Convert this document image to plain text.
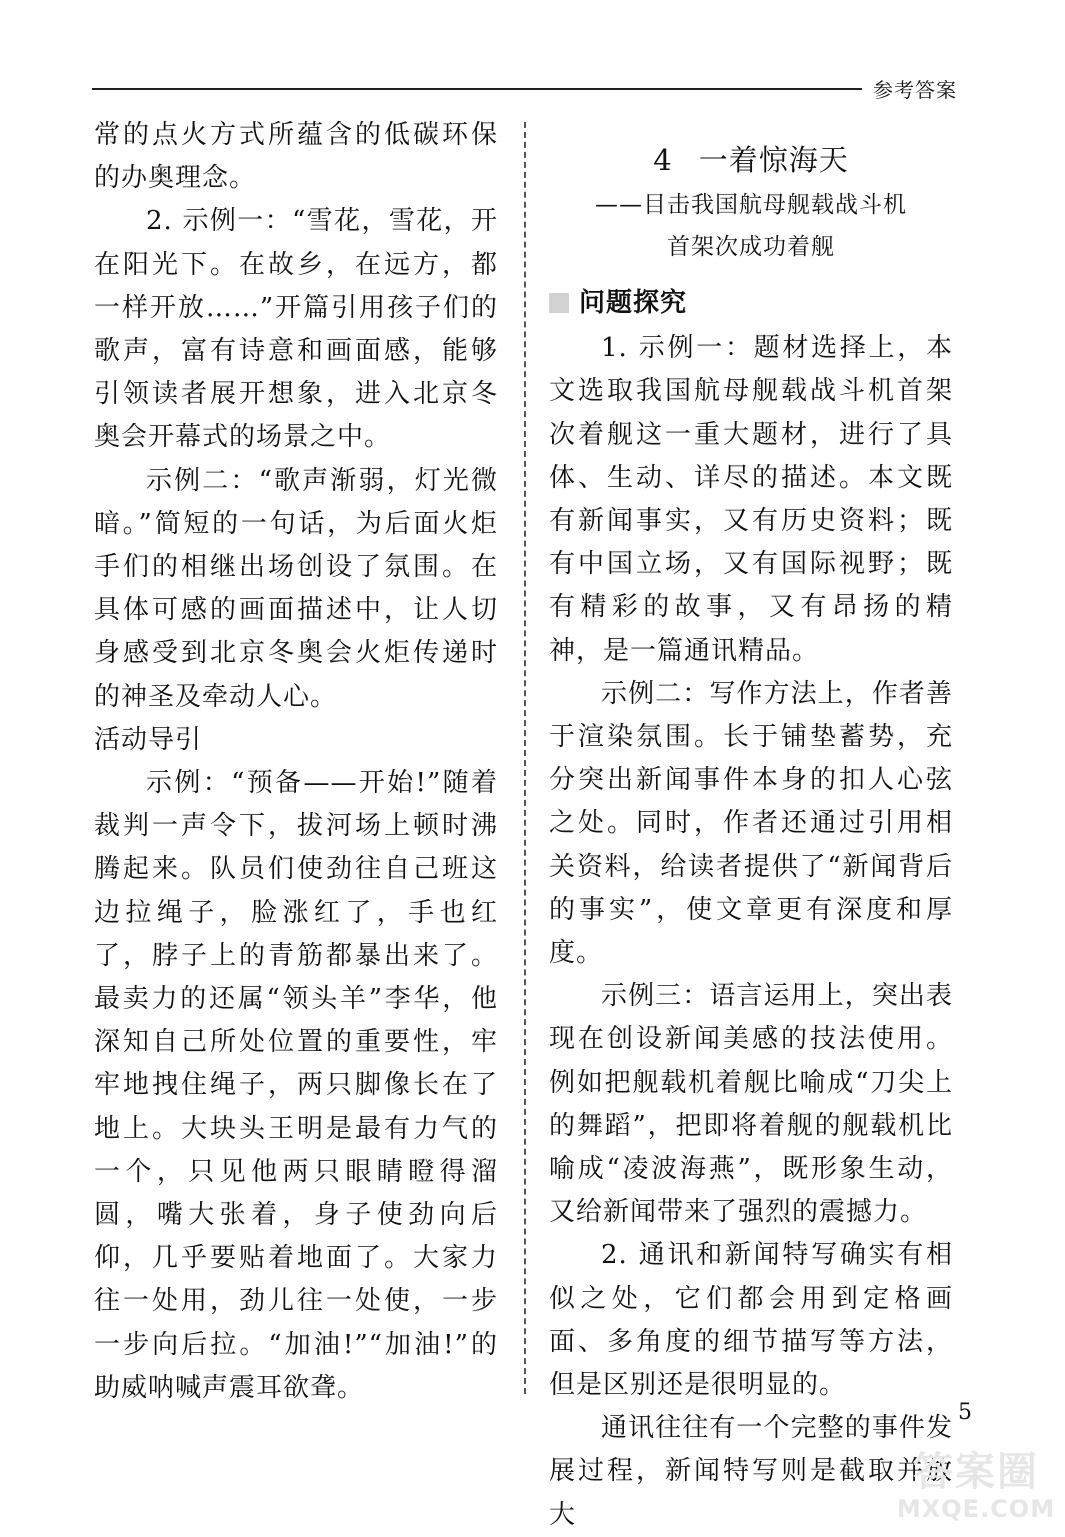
参考答案

常的点火方式所蕴含的低碳环保的办奥理念。

2. 示例一：“雪花，雪花，开在阳光下。在故乡，在远方，都一样开放……”开篇引用孩子们的歌声，富有诗意和画面感，能够引领读者展开想象，进入北京冬奥会开幕式的场景之中。

示例二：“歌声渐弱，灯光微暗。”简短的一句话，为后面火炬手们的相继出场创设了氛围。在具体可感的画面描述中，让人切身感受到北京冬奥会火炬传递时的神圣及牵动人心。

活动导引

示例：“预备——开始!”随着裁判一声令下，拔河场上顿时沸腾起来。队员们使劲往自己班这边拉绳子，脸涨红了，手也红了，脖子上的青筋都暴出来了。最卖力的还属“领头羊”李华，他深知自己所处位置的重要性，牢牢地拽住绳子，两只脚像长在了地上。大块头王明是最有力气的一个，只见他两只眼睛瞪得溜圆，嘴大张着，身子使劲向后仰，几乎要贴着地面了。大家力往一处用，劲儿往一处使，一步一步向后拉。“加油!”“加油!”的助威呐喊声震耳欲聋。

4 一着惊海天

——目击我国航母舰载战斗机

首架次成功着舰

问题探究

1. 示例一：题材选择上，本文选取我国航母舰载战斗机首架次着舰这一重大题材，进行了具体、生动、详尽的描述。本文既有新闻事实，又有历史资料；既有中国立场，又有国际视野；既有精彩的故事，又有昂扬的精神，是一篇通讯精品。

示例二：写作方法上，作者善于渲染氛围。长于铺垫蓄势，充分突出新闻事件本身的扣人心弦之处。同时，作者还通过引用相关资料，给读者提供了“新闻背后的事实”，使文章更有深度和厚度。

示例三：语言运用上，突出表现在创设新闻美感的技法使用。例如把舰载机着舰比喻成“刀尖上的舞蹈”，把即将着舰的舰载机比喻成“凌波海燕”，既形象生动，又给新闻带来了强烈的震撼力。

2. 通讯和新闻特写确实有相似之处，它们都会用到定格画面、多角度的细节描写等方法，但是区别还是很明显的。

通讯往往有一个完整的事件发展过程，新闻特写则是截取并放大

5
答案圈
MXQE.COM
